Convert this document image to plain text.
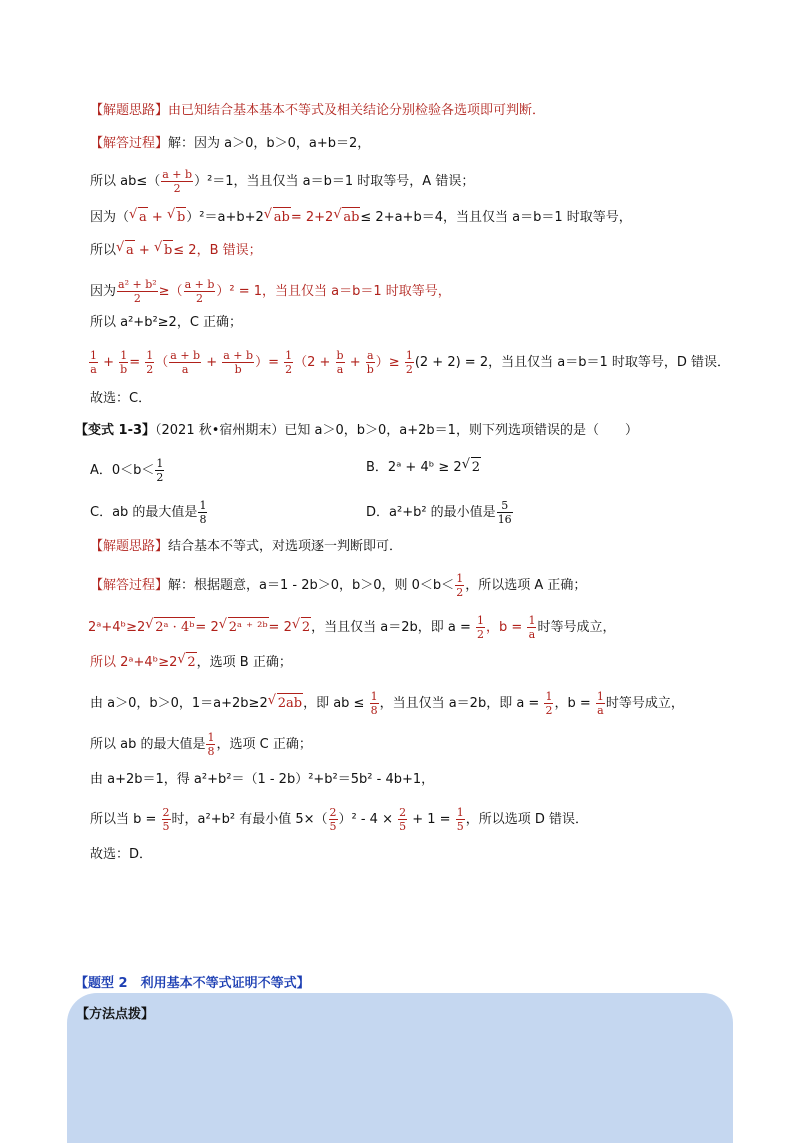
【解题思路】由已知结合基本基本不等式及相关结论分别检验各选项即可判断．
【解答过程】解：因为 a＞0，b＞0，a+b＝2，
所以 $ab\le( \frac{a + b}{2} )^2=1$，当且仅当 a＝b＝1 时取等号，A 错误；
因为（ √ a + √ b）²＝a+b+2 √ ab= 2+2 √ ab≤ 2+a+b＝4，当且仅当 a＝b＝1 时取等号，
所以 √ a + √ b≤ 2，B 错误；
因为 $\frac{\text{a² + b²}}{2}$ ≥（ $\frac{a + b}{2} )^2 = 1$，当且仅当 a＝b＝1 时取等号，
所以 a²+b²≥2，C 正确；
$\frac{1}{a} + \frac{1}{b} = \frac{1}{2}$ （ $\frac{a + b}{a} + \frac{a + b}{b}$ ）= $\frac{1}{2} (2 + \frac{b}{a} + \frac{a}{b}$ ）≥ $\frac{1}{2} (2 + 2) = 2$，当且仅当 a＝b＝1 时取等号，D 错误．
故选：C．
【变式 1-3】（2021 秋•宿州期末）已知 a＞0，b＞0，a+2b＝1，则下列选项错误的是（　　）
A．$0<b< \frac{1}{2}$	B．2ᵃ + 4ᵇ ≥ 2 √ 2
C．ab 的最大值是 $\frac{1}{8}$	D．a²+b² 的最小值是 $\frac{5}{16}$
【解题思路】结合基本不等式，对选项逐一判断即可．
【解答过程】解：根据题意，a＝1 - 2b＞0，b＞0，则 $0<b< \frac{1}{2}$ ，所以选项 A 正确；
2ᵃ+4ᵇ≥2 √ 2ᵃ · 4ᵇ= 2 √ 2ᵃ ⁺ ²ᵇ= 2 √ 2，当且仅当 a＝2b，即 $a = \frac{1}{2}$ ，$b = \frac{1}{a}$ 时等号成立，
所以 2ᵃ+4ᵇ≥2 √ 2，选项 B 正确；
由 a＞0，b＞0，1＝a+2b≥2 √ 2ab，即 ab ≤ $\frac{1}{8}$ ，当且仅当 a＝2b，即 $a = \frac{1}{2}$ ，$b = \frac{1}{a}$ 时等号成立，
所以 ab 的最大值是 $\frac{1}{8}$ ，选项 C 正确；
由 a+2b＝1，得 a²+b²＝（1 - 2b）²+b²＝5b² - 4b+1，
所以当 $b = \frac{2}{5}$ 时，a²+b² 有最小值 $5\times( \frac{2}{5} )^2 - 4 \times \frac{2}{5} + 1 = \frac{1}{5}$ ，所以选项 D 错误．
故选：D．
【题型 2　利用基本不等式证明不等式】
【方法点拨】
